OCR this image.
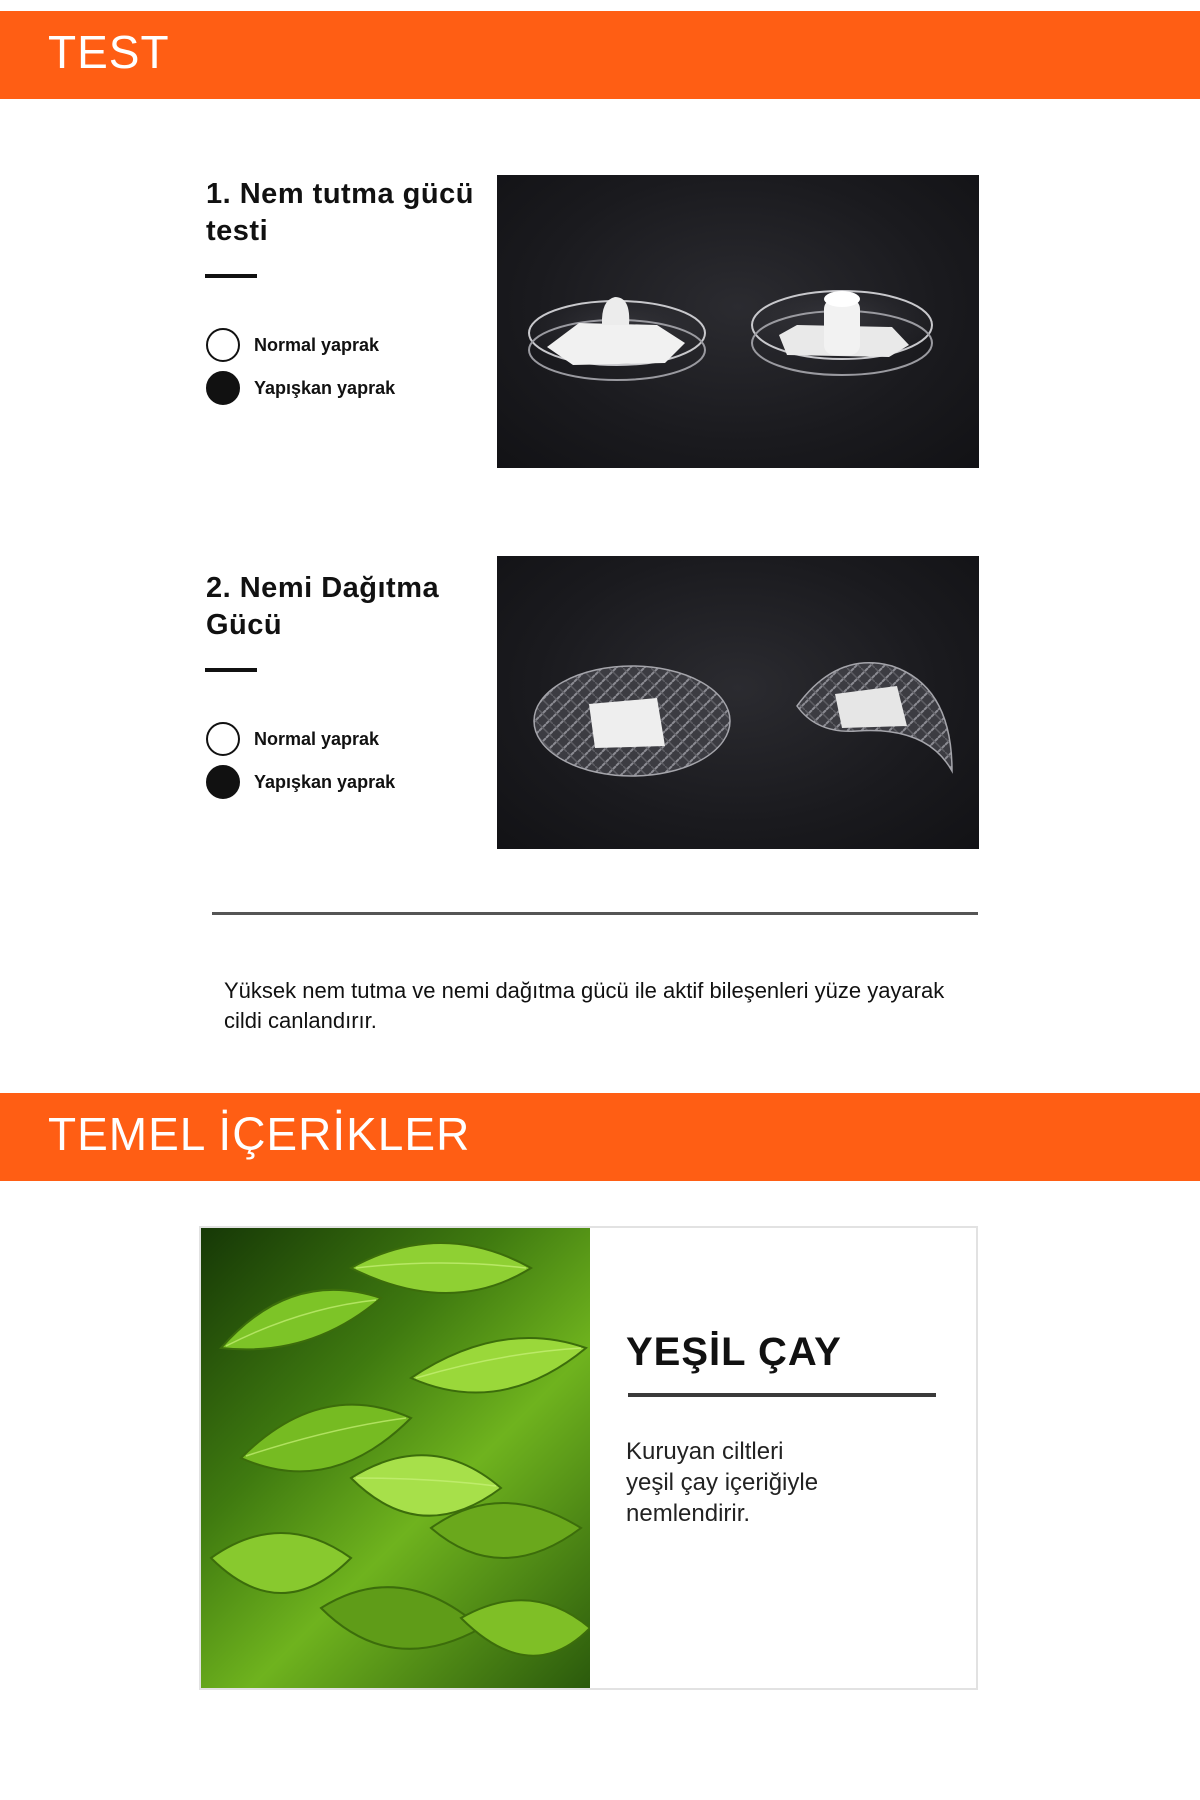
TEST
1. Nem tutma gücü testi
Normal yaprak
Yapışkan yaprak
2. Nemi Dağıtma Gücü
Normal yaprak
Yapışkan yaprak

Yüksek nem tutma ve nemi dağıtma gücü ile aktif bileşenleri yüze yayarak cildi canlandırır.

TEMEL İÇERİKLER
YEŞİL ÇAY

Kuruyan ciltleri
yeşil çay içeriğiyle
nemlendirir.
